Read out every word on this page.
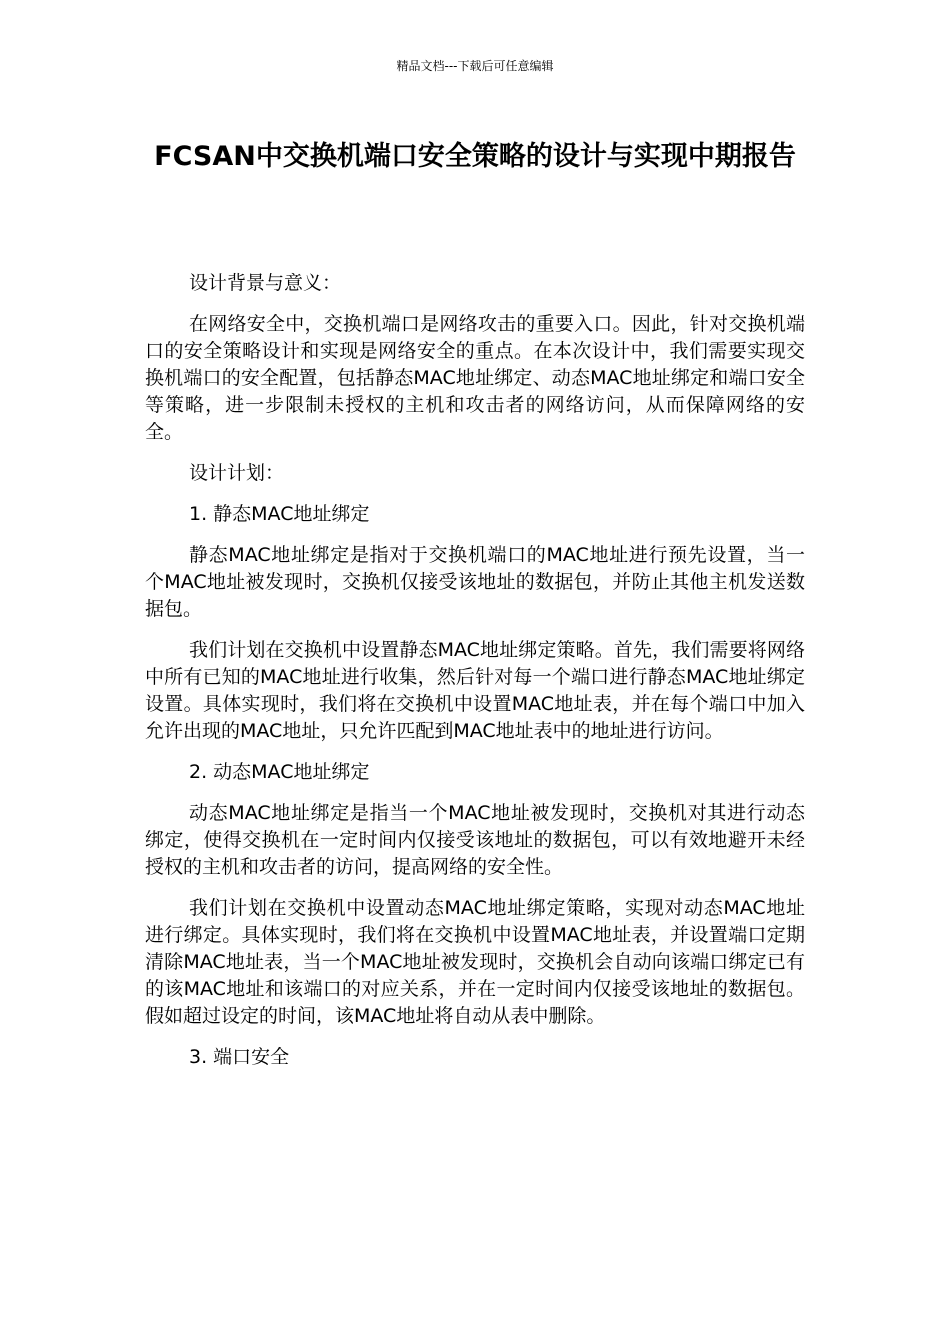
精品文档---下载后可任意编辑
FCSAN中交换机端口安全策略的设计与实现中期报告

设计背景与意义：

在网络安全中，交换机端口是网络攻击的重要入口。因此，针对交换机端口的安全策略设计和实现是网络安全的重点。在本次设计中，我们需要实现交换机端口的安全配置，包括静态MAC地址绑定、动态MAC地址绑定和端口安全等策略，进一步限制未授权的主机和攻击者的网络访问，从而保障网络的安全。

设计计划：

1. 静态MAC地址绑定

静态MAC地址绑定是指对于交换机端口的MAC地址进行预先设置，当一个MAC地址被发现时，交换机仅接受该地址的数据包，并防止其他主机发送数据包。

我们计划在交换机中设置静态MAC地址绑定策略。首先，我们需要将网络中所有已知的MAC地址进行收集，然后针对每一个端口进行静态MAC地址绑定设置。具体实现时，我们将在交换机中设置MAC地址表，并在每个端口中加入允许出现的MAC地址，只允许匹配到MAC地址表中的地址进行访问。

2. 动态MAC地址绑定

动态MAC地址绑定是指当一个MAC地址被发现时，交换机对其进行动态绑定，使得交换机在一定时间内仅接受该地址的数据包，可以有效地避开未经授权的主机和攻击者的访问，提高网络的安全性。

我们计划在交换机中设置动态MAC地址绑定策略，实现对动态MAC地址进行绑定。具体实现时，我们将在交换机中设置MAC地址表，并设置端口定期清除MAC地址表，当一个MAC地址被发现时，交换机会自动向该端口绑定已有的该MAC地址和该端口的对应关系，并在一定时间内仅接受该地址的数据包。假如超过设定的时间，该MAC地址将自动从表中删除。

3. 端口安全
